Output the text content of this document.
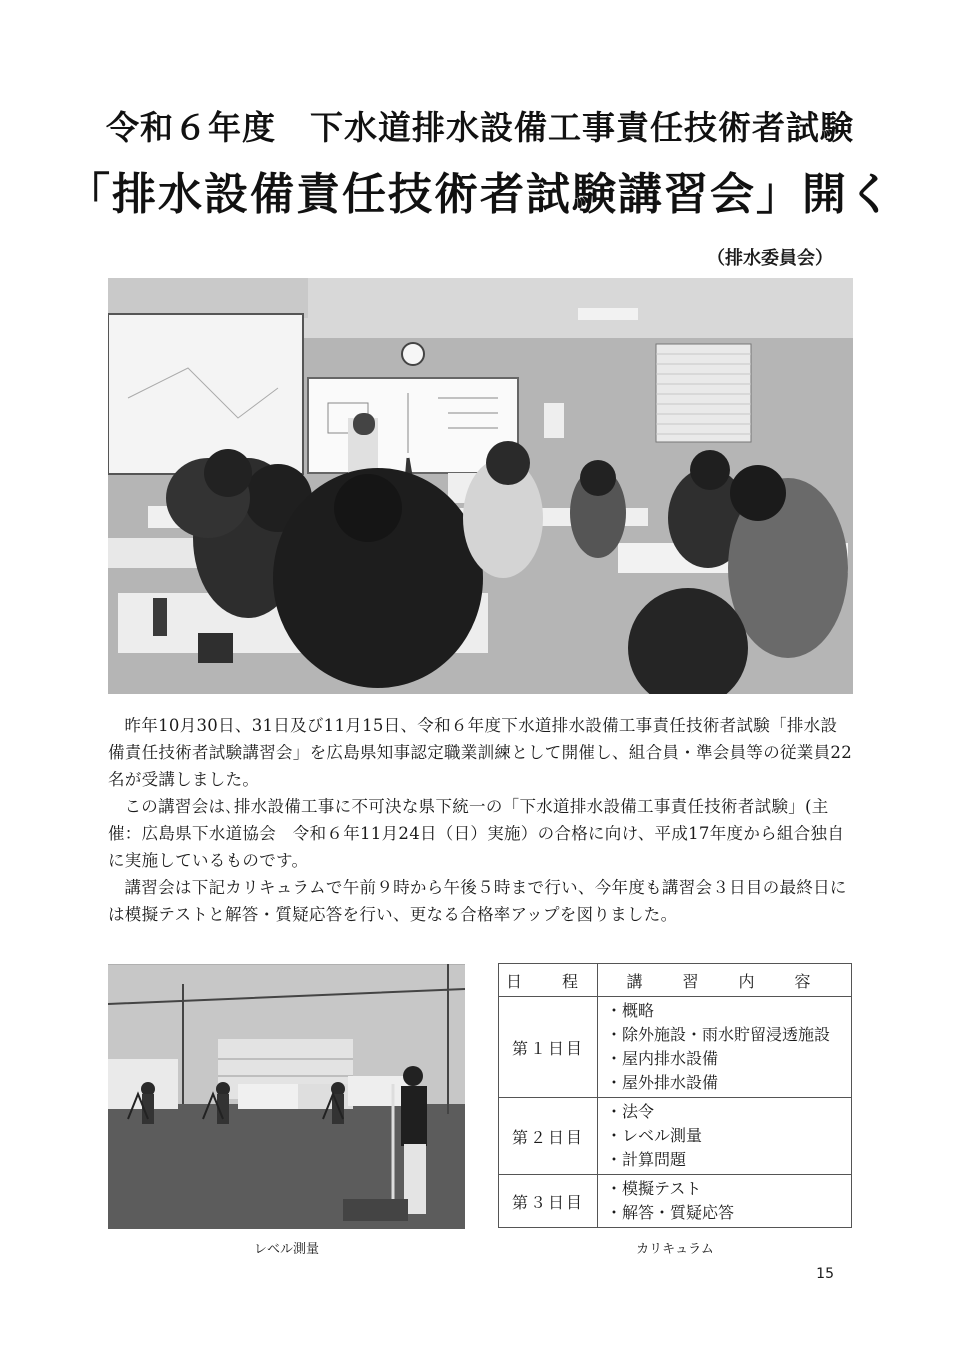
令和６年度　下水道排水設備工事責任技術者試験
「排水設備責任技術者試験講習会」開く
（排水委員会）

昨年10月30日、31日及び11月15日、令和６年度下水道排水設備工事責任技術者試験「排水設備責任技術者試験講習会」を広島県知事認定職業訓練として開催し、組合員・準会員等の従業員22名が受講しました。

この講習会は､排水設備工事に不可決な県下統一の「下水道排水設備工事責任技術者試験」(主催：広島県下水道協会　令和６年11月24日（日）実施）の合格に向け、平成17年度から組合独自に実施しているものです。

講習会は下記カリキュラムで午前９時から午後５時まで行い、今年度も講習会３日目の最終日には模擬テストと解答・質疑応答を行い、更なる合格率アップを図りました。

レベル測量
日　程	講　習　内　容
第１日目	・概略
・除外施設・雨水貯留浸透施設
・屋内排水設備
・屋外排水設備

第２日目	・法令
・レベル測量
・計算問題

第３日目	・模擬テスト
・解答・質疑応答
カリキュラム
15
